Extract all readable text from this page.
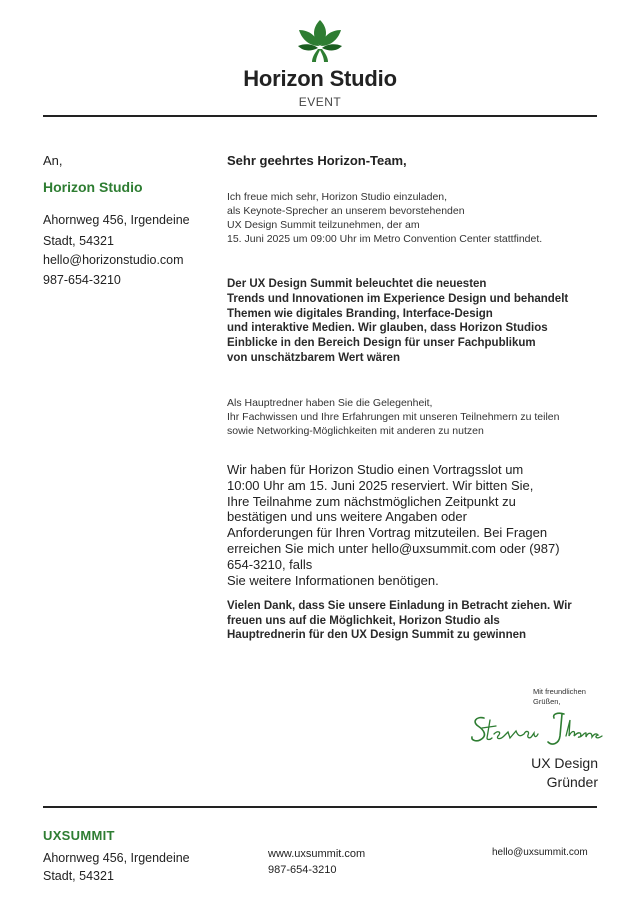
Horizon Studio
EVENT
An,
Horizon Studio
Ahornweg 456, Irgendeine Stadt, 54321
hello@horizonstudio.com
987-654-3210
Sehr geehrtes Horizon-Team,
Ich freue mich sehr, Horizon Studio einzuladen,
als Keynote-Sprecher an unserem bevorstehenden
UX Design Summit teilzunehmen, der am
15. Juni 2025 um 09:00 Uhr im Metro Convention Center stattfindet.
Der UX Design Summit beleuchtet die neuesten
Trends und Innovationen im Experience Design und behandelt
Themen wie digitales Branding, Interface-Design
und interaktive Medien. Wir glauben, dass Horizon Studios
Einblicke in den Bereich Design für unser Fachpublikum
von unschätzbarem Wert wären
Als Hauptredner haben Sie die Gelegenheit,
Ihr Fachwissen und Ihre Erfahrungen mit unseren Teilnehmern zu teilen
sowie Networking-Möglichkeiten mit anderen zu nutzen
Wir haben für Horizon Studio einen Vortragsslot um
10:00 Uhr am 15. Juni 2025 reserviert. Wir bitten Sie,
Ihre Teilnahme zum nächstmöglichen Zeitpunkt zu
bestätigen und uns weitere Angaben oder
Anforderungen für Ihren Vortrag mitzuteilen. Bei Fragen
erreichen Sie mich unter hello@uxsummit.com oder (987)
654-3210, falls
Sie weitere Informationen benötigen.
Vielen Dank, dass Sie unsere Einladung in Betracht ziehen. Wir
freuen uns auf die Möglichkeit, Horizon Studio als
Hauptrednerin für den UX Design Summit zu gewinnen
Mit freundlichen
Grüßen,
UX Design
Gründer
UXSUMMIT
Ahornweg 456, Irgendeine Stadt, 54321
www.uxsummit.com
987-654-3210
hello@uxsummit.com
